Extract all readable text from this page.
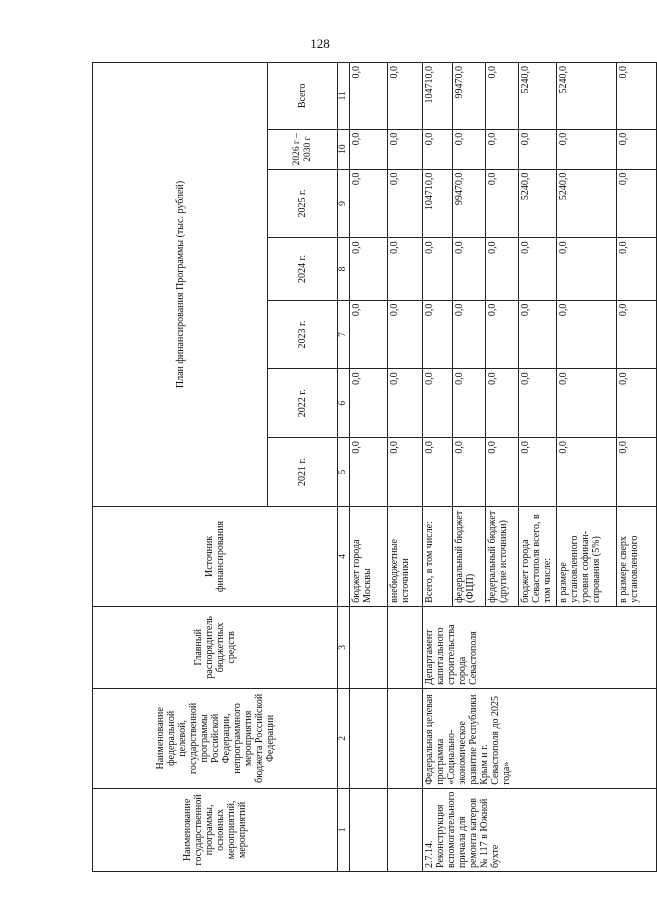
128
Наименование государственной программы, основных мероприятий, мероприятий	Наименование федеральной целевой, государственной программы Российской Федерации, непрограммного мероприятия бюджета Российской Федерации	Главный распорядитель бюджетных средств	Источник финансирования	План финансирования Программы (тыс. рублей)						
				2021 г.	2022 г.	2023 г.	2024 г.	2025 г.	2026 г – 2030 г	Всего
1	2	3	4	5	6	7	8	9	10	11
			бюджет города Москвы	0,0	0,0	0,0	0,0	0,0	0,0	0,0
			внебюджетные источники	0,0	0,0	0,0	0,0	0,0	0,0	0,0
2.7.14. Реконструкция вспомогательного причала для ремонта катеров № 117 в Южной бухте	Федеральная целевая программа «Социально-экономическое развитие Республики Крым и г. Севастополя до 2025 года»	Департамент капитального строительства города Севастополя	Всего, в том числе:	0,0	0,0	0,0	0,0	104710,0	0,0	104710,0
			федеральный бюджет (ФЦП)	0,0	0,0	0,0	0,0	99470,0	0,0	99470,0
			федеральный бюджет (другие источники)	0,0	0,0	0,0	0,0	0,0	0,0	0,0
			бюджет города Севастополя всего, в том числе:	0,0	0,0	0,0	0,0	5240,0	0,0	5240,0
			в размере установленного уровня софинансирования (5%)	0,0	0,0	0,0	0,0	5240,0	0,0	5240,0
			в размере сверх установленного	0,0	0,0	0,0	0,0	0,0	0,0	0,0
